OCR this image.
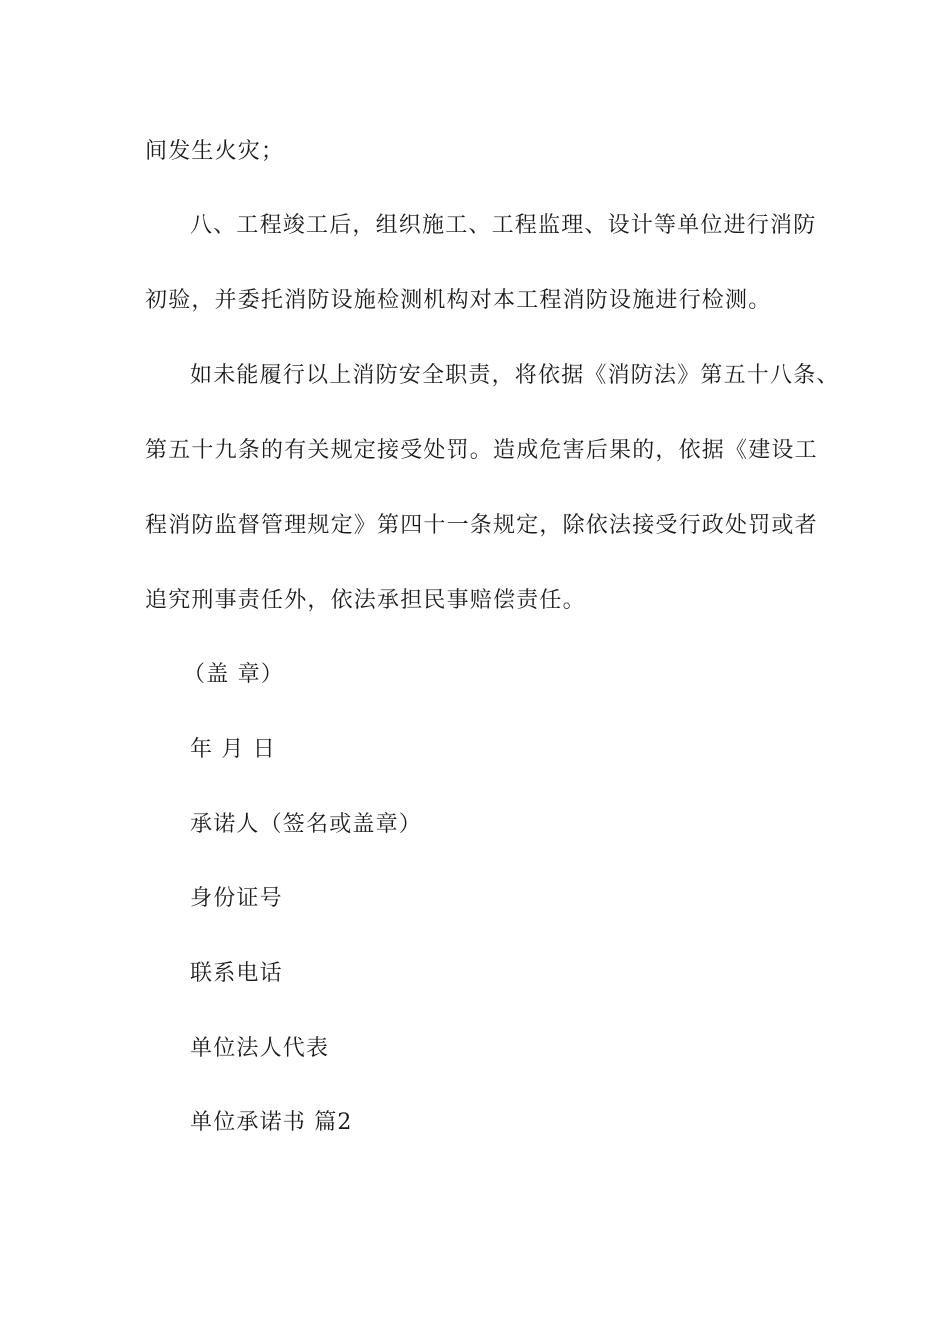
间发生火灾；
八、工程竣工后，组织施工、工程监理、设计等单位进行消防
初验，并委托消防设施检测机构对本工程消防设施进行检测。
如未能履行以上消防安全职责，将依据《消防法》第五十八条、
第五十九条的有关规定接受处罚。造成危害后果的，依据《建设工
程消防监督管理规定》第四十一条规定，除依法接受行政处罚或者
追究刑事责任外，依法承担民事赔偿责任。
（盖 章）
年 月 日
承诺人（签名或盖章）
身份证号
联系电话
单位法人代表
单位承诺书 篇2
